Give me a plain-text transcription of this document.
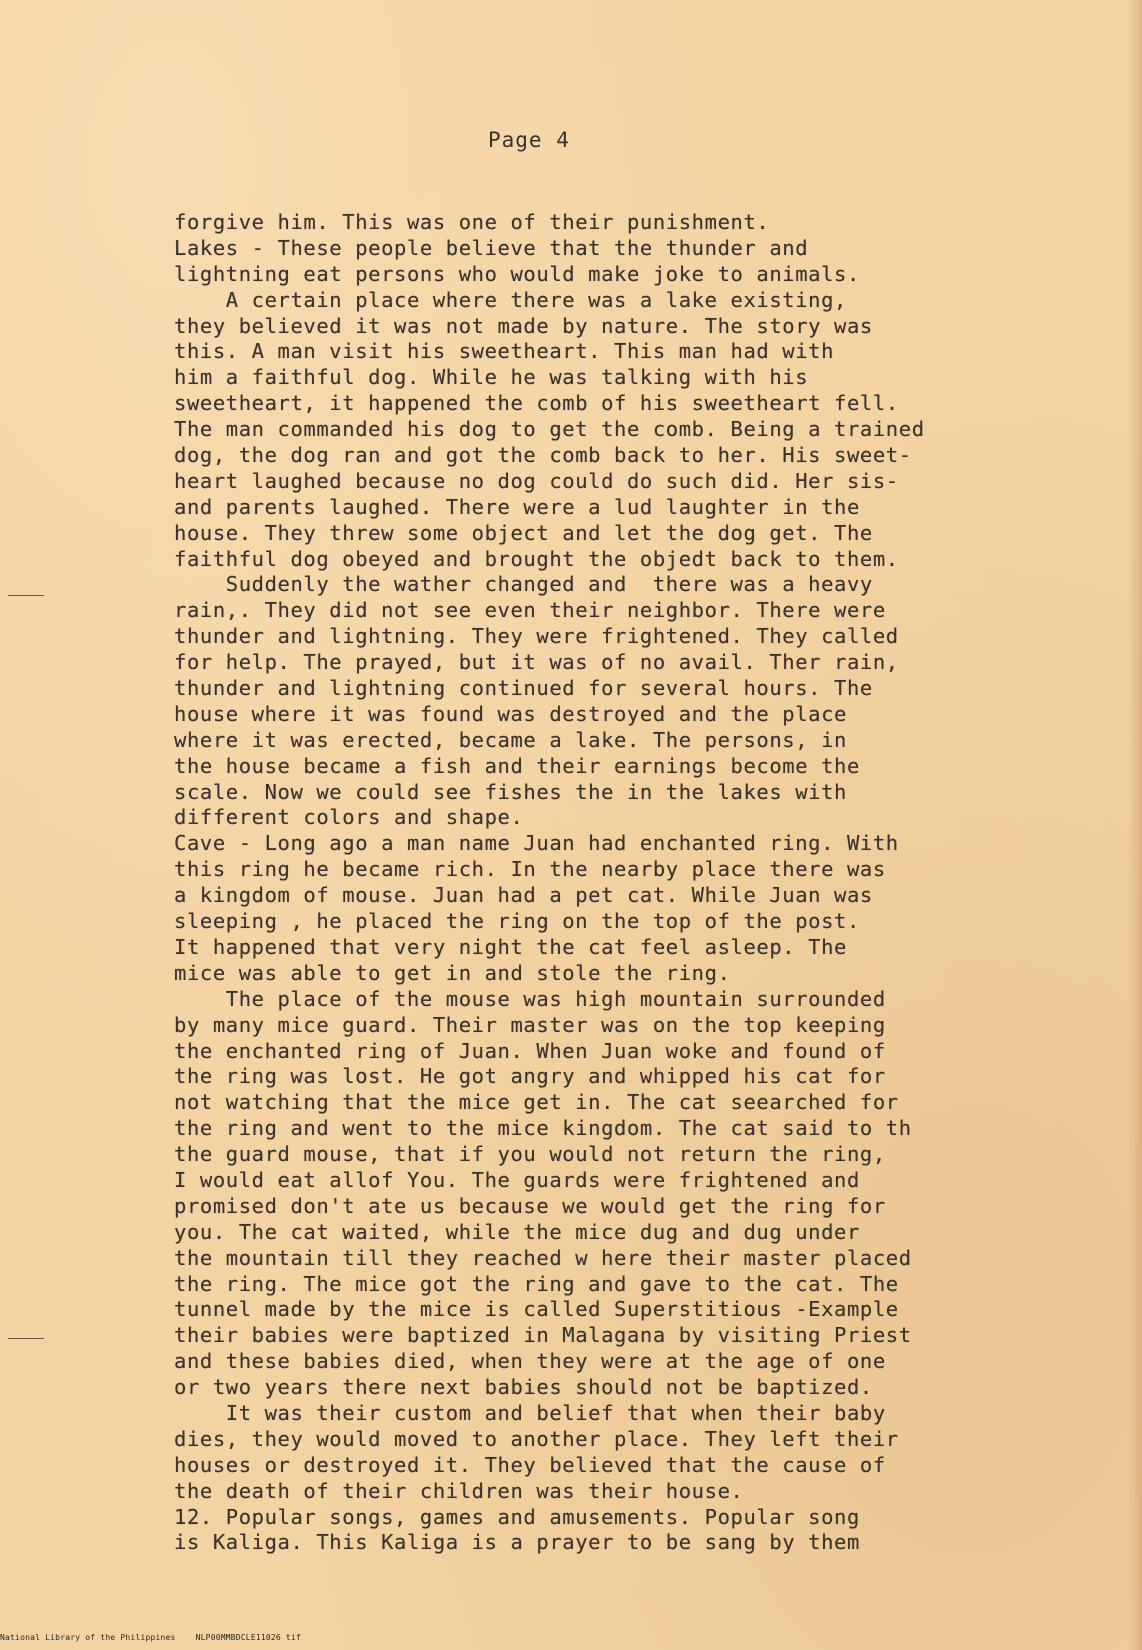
Page 4
forgive him. This was one of their punishment.
Lakes - These people believe that the thunder and
lightning eat persons who would make joke to animals.
A certain place where there was a lake existing,
they believed it was not made by nature. The story was
this. A man visit his sweetheart. This man had with
him a faithful dog. While he was talking with his
sweetheart, it happened the comb of his sweetheart fell.
The man commanded his dog to get the comb. Being a trained
dog, the dog ran and got the comb back to her. His sweet-
heart laughed because no dog could do such did. Her sis-
and parents laughed. There were a lud laughter in the
house. They threw some object and let the dog get. The
faithful dog obeyed and brought the objedt back to them.
Suddenly the wather changed and  there was a heavy
rain,. They did not see even their neighbor. There were
thunder and lightning. They were frightened. They called
for help. The prayed, but it was of no avail. Ther rain,
thunder and lightning continued for several hours. The
house where it was found was destroyed and the place
where it was erected, became a lake. The persons, in
the house became a fish and their earnings become the
scale. Now we could see fishes the in the lakes with
different colors and shape.
Cave - Long ago a man name Juan had enchanted ring. With
this ring he became rich. In the nearby place there was
a kingdom of mouse. Juan had a pet cat. While Juan was
sleeping , he placed the ring on the top of the post.
It happened that very night the cat feel asleep. The
mice was able to get in and stole the ring.
The place of the mouse was high mountain surrounded
by many mice guard. Their master was on the top keeping
the enchanted ring of Juan. When Juan woke and found of
the ring was lost. He got angry and whipped his cat for
not watching that the mice get in. The cat seearched for
the ring and went to the mice kingdom. The cat said to th
the guard mouse, that if you would not return the ring,
I would eat allof You. The guards were frightened and
promised don't ate us because we would get the ring for
you. The cat waited, while the mice dug and dug under
the mountain till they reached w here their master placed
the ring. The mice got the ring and gave to the cat. The
tunnel made by the mice is called Superstitious -Example
their babies were baptized in Malagana by visiting Priest
and these babies died, when they were at the age of one
or two years there next babies should not be baptized.
It was their custom and belief that when their baby
dies, they would moved to another place. They left their
houses or destroyed it. They believed that the cause of
the death of their children was their house.
12. Popular songs, games and amusements. Popular song
is Kaliga. This Kaliga is a prayer to be sang by them
National Library of the Philippines    NLP00MMBDCLE11026 tif
